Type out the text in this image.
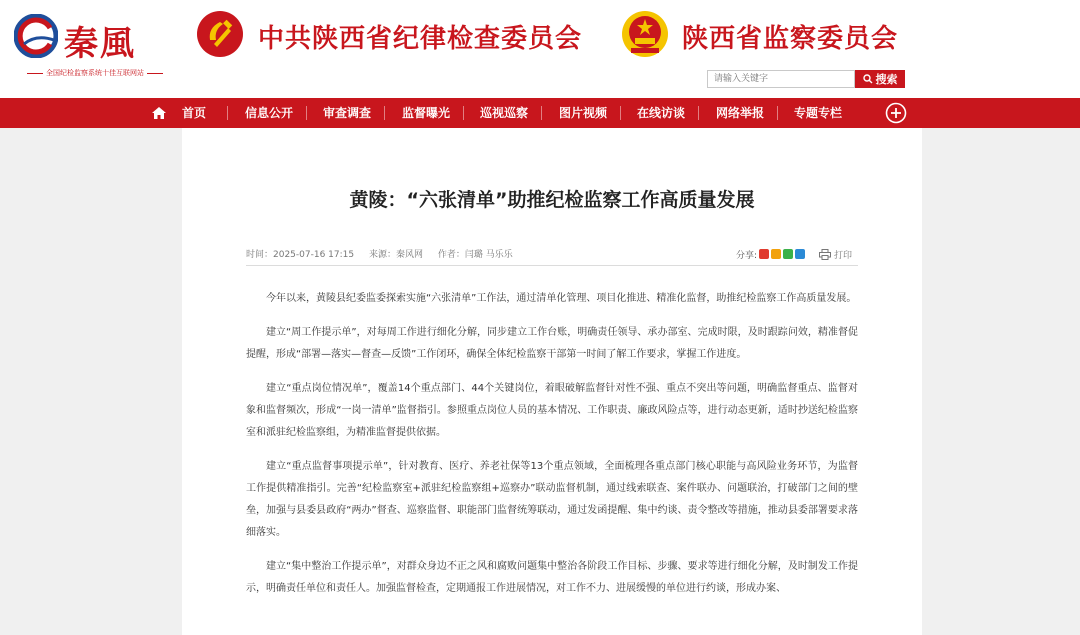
秦風
全国纪检监察系统十佳互联网站
中共陕西省纪律检查委员会	陕西省监察委员会
请输入关键字
搜索
首页	信息公开 审查调查	监督曝光 巡视巡察	图片视频 在线访谈	网络举报 专题专栏
黄陵：“六张清单”助推纪检监察工作高质量发展
时间：2025-07-16 17:15 来源：秦风网 作者：闫璐 马乐乐	分享:	打印

今年以来，黄陵县纪委监委探索实施“六张清单”工作法，通过清单化管理、项目化推进、精准化监督，助推纪检监察工作高质量发展。

建立“周工作提示单”，对每周工作进行细化分解，同步建立工作台账，明确责任领导、承办部室、完成时限，及时跟踪问效，精准督促提醒，形成“部署—落实—督查—反馈”工作闭环，确保全体纪检监察干部第一时间了解工作要求，掌握工作进度。

建立“重点岗位情况单”，覆盖14个重点部门、44个关键岗位，着眼破解监督针对性不强、重点不突出等问题，明确监督重点、监督对象和监督频次，形成“一岗一清单”监督指引。参照重点岗位人员的基本情况、工作职责、廉政风险点等，进行动态更新，适时抄送纪检监察室和派驻纪检监察组，为精准监督提供依据。

建立“重点监督事项提示单”，针对教育、医疗、养老社保等13个重点领域，全面梳理各重点部门核心职能与高风险业务环节，为监督工作提供精准指引。完善“纪检监察室+派驻纪检监察组+巡察办”联动监督机制，通过线索联查、案件联办、问题联治，打破部门之间的壁垒，加强与县委县政府“两办”督查、巡察监督、职能部门监督统筹联动，通过发函提醒、集中约谈、责令整改等措施，推动县委部署要求落细落实。

建立“集中整治工作提示单”，对群众身边不正之风和腐败问题集中整治各阶段工作目标、步骤、要求等进行细化分解，及时制发工作提示，明确责任单位和责任人。加强监督检查，定期通报工作进展情况，对工作不力、进展缓慢的单位进行约谈，形成办案、
